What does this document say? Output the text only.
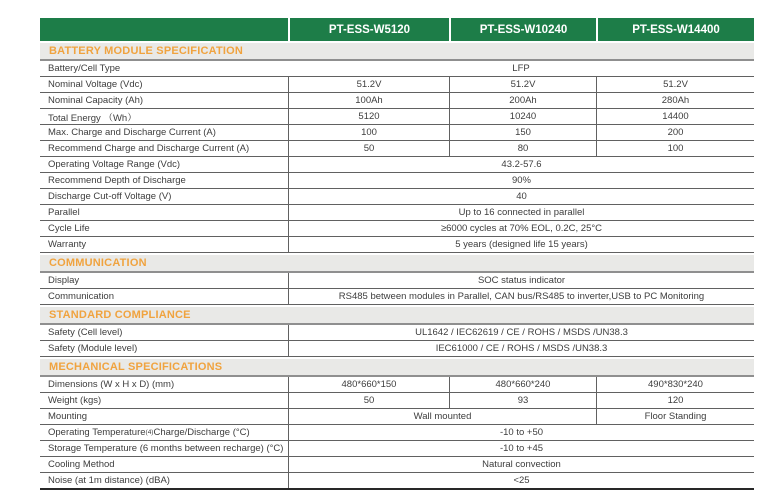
PT-ESS-W5120	PT-ESS-W10240	PT-ESS-W14400
BATTERY MODULE SPECIFICATION
Battery/Cell Type	LFP
Nominal Voltage (Vdc)	51.2V	51.2V	51.2V
Nominal Capacity (Ah)	100Ah	200Ah	280Ah
Total Energy （Wh）	5120	10240	14400
Max. Charge and Discharge Current (A)	100	150	200
Recommend Charge and Discharge Current (A)	50	80	100
Operating Voltage Range (Vdc)	43.2-57.6
Recommend Depth of Discharge	90%
Discharge Cut-off Voltage (V)	40
Parallel	Up to 16 connected in parallel
Cycle Life	≥6000 cycles at 70% EOL, 0.2C, 25°C
Warranty	5 years (designed life 15 years)
COMMUNICATION
Display	SOC status indicator
Communication	RS485 between modules in Parallel, CAN bus/RS485 to inverter,USB to PC Monitoring
STANDARD COMPLIANCE
Safety (Cell level)	UL1642 / IEC62619 / CE / ROHS / MSDS /UN38.3
Safety (Module level)	IEC61000 / CE / ROHS / MSDS /UN38.3
MECHANICAL SPECIFICATIONS
Dimensions (W x H x D) (mm)	480*660*150	480*660*240	490*830*240
Weight (kgs)	50	93	120
Mounting	Wall mounted	Floor Standing
Operating Temperature (4) Charge/Discharge (°C)	-10 to +50
Storage Temperature (6 months between recharge) (°C)	-10 to +45
Cooling Method	Natural convection
Noise (at 1m distance) (dBA)	<25
